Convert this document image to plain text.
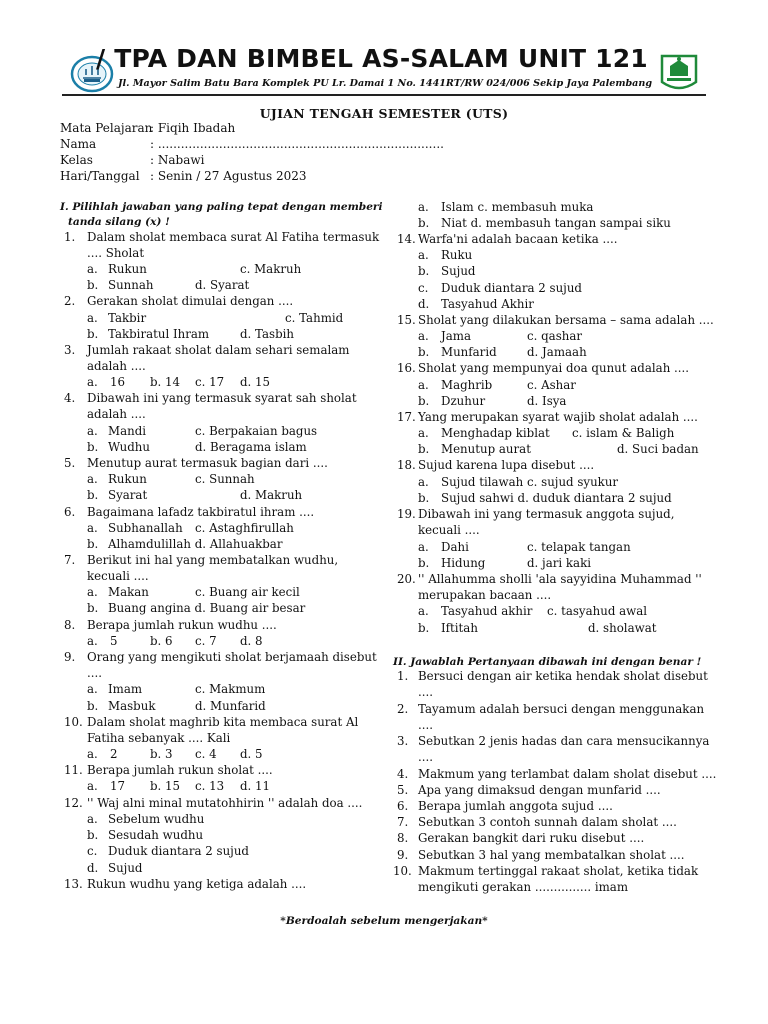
/ TPA DAN BIMBEL AS-SALAM UNIT 121
Jl. Mayor Salim Batu Bara Komplek PU Lr. Damai 1 No. 1441RT/RW 024/006 Sekip Jaya Palembang
UJIAN TENGAH SEMESTER (UTS)
Mata Pelajaran
: Fiqih Ibadah
Nama	: ...........................................................................
Kelas	: Nabawi
Hari/Tanggal : Senin / 27 Agustus 2023
I. Pilihlah jawaban yang paling tepat dengan memberi
tanda silang (x) !
1. Dalam sholat membaca surat Al Fatiha termasuk
.... Sholat
a. Rukun	c. Makruh
b. Sunnah	d. Syarat
2. Gerakan sholat dimulai dengan ....
a. Takbir	c. Tahmid
b. Takbiratul Ihram	d. Tasbih
3. Jumlah rakaat sholat dalam sehari semalam
adalah ....
a. 16 b. 14 c. 17 d. 15
4. Dibawah ini yang termasuk syarat sah sholat
adalah ....
a. Mandi	c. Berpakaian bagus
b. Wudhu	d. Beragama islam
5. Menutup aurat termasuk bagian dari ....
a. Rukun	c. Sunnah
b. Syarat	d. Makruh
6. Bagaimana lafadz takbiratul ihram ....
a. Subhanallah c. Astaghfirullah
b. Alhamdulillah d. Allahuakbar
7. Berikut ini hal yang membatalkan wudhu,
kecuali ....
a. Makan	c. Buang air kecil
b. Buang angina d. Buang air besar
8. Berapa jumlah rukun wudhu ....
a. 5	b. 6 c. 7 d. 8
9. Orang yang mengikuti sholat berjamaah disebut
....
a. Imam	c. Makmum
b. Masbuk	d. Munfarid
10. Dalam sholat maghrib kita membaca surat Al
Fatiha sebanyak .... Kali
a. 2	b. 3 c. 4 d. 5
11. Berapa jumlah rukun sholat ....
a. 17 b. 15 c. 13 d. 11
12. '' Waj alni minal mutatohhirin '' adalah doa ....
a. Sebelum wudhu
b. Sesudah wudhu
c. Duduk diantara 2 sujud
d. Sujud
13. Rukun wudhu yang ketiga adalah ....
a. Islam c. membasuh muka
b. Niat d. membasuh tangan sampai siku
14. Warfa'ni adalah bacaan ketika ....
a. Ruku
b. Sujud
c. Duduk diantara 2 sujud
d. Tasyahud Akhir
15. Sholat yang dilakukan bersama – sama adalah ....
a. Jama	c. qashar
b. Munfarid	d. Jamaah
16. Sholat yang mempunyai doa qunut adalah ....
a. Maghrib	c. Ashar
b. Dzuhur	d. Isya
17. Yang merupakan syarat wajib sholat adalah ....
a. Menghadap kiblat c. islam & Baligh
b. Menutup aurat	d. Suci badan
18. Sujud karena lupa disebut ....
a. Sujud tilawah c. sujud syukur
b. Sujud sahwi d. duduk diantara 2 sujud
19. Dibawah ini yang termasuk anggota sujud,
kecuali ....
a. Dahi	c. telapak tangan
b. Hidung	d. jari kaki
20. '' Allahumma sholli 'ala sayyidina Muhammad ''
merupakan bacaan ....
a. Tasyahud akhir c. tasyahud awal
b. Iftitah	d. sholawat
II. Jawablah Pertanyaan dibawah ini dengan benar !
1. Bersuci dengan air ketika hendak sholat disebut
....
2. Tayamum adalah bersuci dengan menggunakan
....
3. Sebutkan 2 jenis hadas dan cara mensucikannya
....
4. Makmum yang terlambat dalam sholat disebut ....
5. Apa yang dimaksud dengan munfarid ....
6. Berapa jumlah anggota sujud ....
7. Sebutkan 3 contoh sunnah dalam sholat ....
8. Gerakan bangkit dari ruku disebut ....
9. Sebutkan 3 hal yang membatalkan sholat ....
10. Makmum tertinggal rakaat sholat, ketika tidak
mengikuti gerakan ............... imam
*Berdoalah sebelum mengerjakan*
